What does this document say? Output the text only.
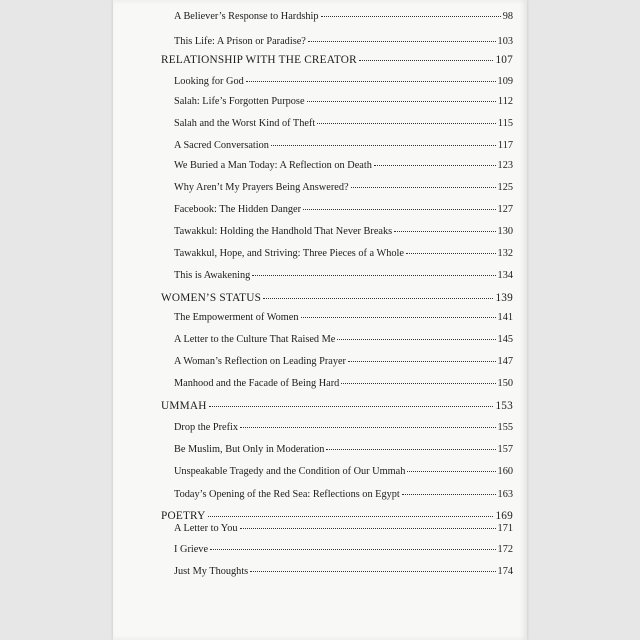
A Believer’s Response to Hardship	98
This Life: A Prison or Paradise?	103
RELATIONSHIP WITH THE CREATOR	107
Looking for God	109
Salah: Life’s Forgotten Purpose	112
Salah and the Worst Kind of Theft	115
A Sacred Conversation	117
We Buried a Man Today: A Reflection on Death	123
Why Aren’t My Prayers Being Answered?	125
Facebook: The Hidden Danger	127
Tawakkul: Holding the Handhold That Never Breaks	130
Tawakkul, Hope, and Striving: Three Pieces of a Whole	132
This is Awakening	134
WOMEN’S STATUS	139
The Empowerment of Women	141
A Letter to the Culture That Raised Me	145
A Woman’s Reflection on Leading Prayer	147
Manhood and the Facade of Being Hard	150
UMMAH	153
Drop the Prefix	155
Be Muslim, But Only in Moderation	157
Unspeakable Tragedy and the Condition of Our Ummah	160
Today’s Opening of the Red Sea: Reflections on Egypt	163
POETRY	169
A Letter to You	171
I Grieve	172
Just My Thoughts	174
